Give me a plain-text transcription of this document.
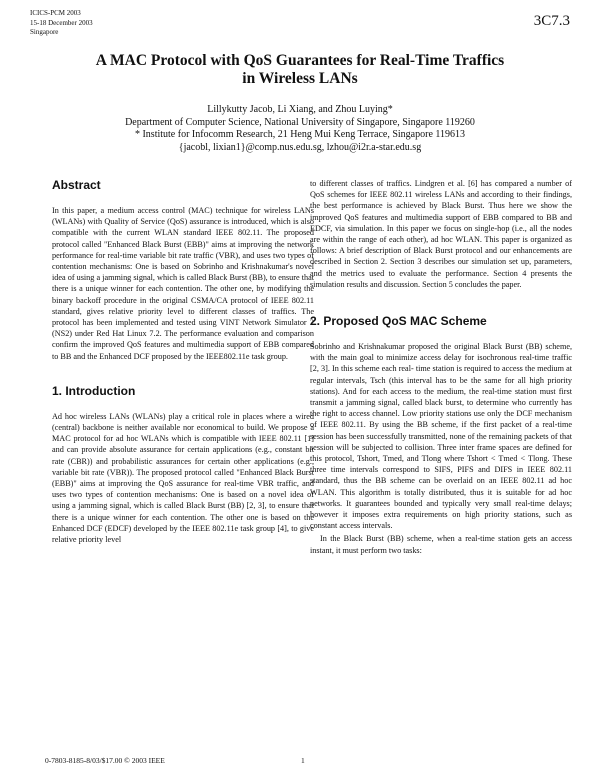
ICICS-PCM 2003
15-18 December 2003
Singapore
3C7.3
A MAC Protocol with QoS Guarantees for Real-Time Traffics
in Wireless LANs
Lillykutty Jacob, Li Xiang, and Zhou Luying*
Department of Computer Science, National University of Singapore, Singapore 119260
* Institute for Infocomm Research, 21 Heng Mui Keng Terrace, Singapore 119613
{jacobl, lixian1}@comp.nus.edu.sg, lzhou@i2r.a-star.edu.sg
Abstract

In this paper, a medium access control (MAC) technique for wireless LANs (WLANs) with Quality of Service (QoS) assurance is introduced, which is also compatible with the current WLAN standard IEEE 802.11. The proposed protocol called "Enhanced Black Burst (EBB)" aims at improving the network performance for real-time variable bit rate traffic (VBR), and uses two types of contention mechanisms: One is based on Sobrinho and Krishnakumar's novel idea of using a jamming signal, which is called Black Burst (BB), to ensure that there is a unique winner for each contention. The other one, by modifying the binary backoff procedure in the original CSMA/CA protocol of IEEE 802.11 standard, gives relative priority level to different classes of traffics. The protocol has been implemented and tested using VINT Network Simulator 2 (NS2) under Red Hat Linux 7.2. The performance evaluation and comparison confirm the improved QoS features and multimedia support of EBB compared to BB and the Enhanced DCF proposed by the IEEE802.11e task group.

1. Introduction

Ad hoc wireless LANs (WLANs) play a critical role in places where a wired (central) backbone is neither available nor economical to build. We propose a MAC protocol for ad hoc WLANs which is compatible with IEEE 802.11 [1] and can provide absolute assurance for certain applications (e.g., constant bit rate (CBR)) and probabilistic assurances for certain other applications (e.g., variable bit rate (VBR)). The proposed protocol called "Enhanced Black Burst (EBB)" aims at improving the QoS assurance for real-time VBR traffic, and uses two types of contention mechanisms: One is based on a novel idea of using a jamming signal, which is called Black Burst (BB) [2, 3], to ensure that there is a unique winner for each contention. The other one is based on the Enhanced DCF (EDCF) developed by the IEEE 802.11e task group [4], to give relative priority level

to different classes of traffics. Lindgren et al. [6] has compared a number of QoS schemes for IEEE 802.11 wireless LANs and according to their findings, the best performance is achieved by Black Burst. Thus here we show the improved QoS features and multimedia support of EBB compared to BB and EDCF, via simulation. In this paper we focus on single-hop (i.e., all the nodes are within the range of each other), ad hoc WLAN. This paper is organized as follows: A brief description of Black Burst protocol and our enhancements are described in Section 2. Section 3 describes our simulation set up, parameters, and the metrics used to evaluate the performance. Section 4 presents the simulation results and discussion. Section 5 concludes the paper.

2. Proposed QoS MAC Scheme

Sobrinho and Krishnakumar proposed the original Black Burst (BB) scheme, with the main goal to minimize access delay for isochronous real-time traffic [2, 3]. In this scheme each real- time station is required to access the medium at regular intervals, Tsch (this interval has to be the same for all high priority stations). And for each access to the medium, the real-time station must first transmit a jamming signal, called black burst, to determine who currently has the right to access channel. Low priority stations use only the DCF mechanism of IEEE 802.11. By using the BB scheme, if the first packet of a real-time session has been successfully transmitted, none of the remaining packets of that session will be subjected to collision. Three inter frame spaces are defined for this protocol, Tshort, Tmed, and Tlong where Tshort < Tmed < Tlong. These three time intervals correspond to SIFS, PIFS and DIFS in IEEE 802.11 standard, thus the BB scheme can be overlaid on an IEEE 802.11 ad hoc WLAN. This algorithm is totally distributed, thus it is suitable for ad hoc networks. It guarantees bounded and typically very small real-time delays; however it imposes extra requirements on high priority stations, such as constant access intervals.

In the Black Burst (BB) scheme, when a real-time station gets an access instant, it must perform two tasks:

0-7803-8185-8/03/$17.00 © 2003 IEEE	1
